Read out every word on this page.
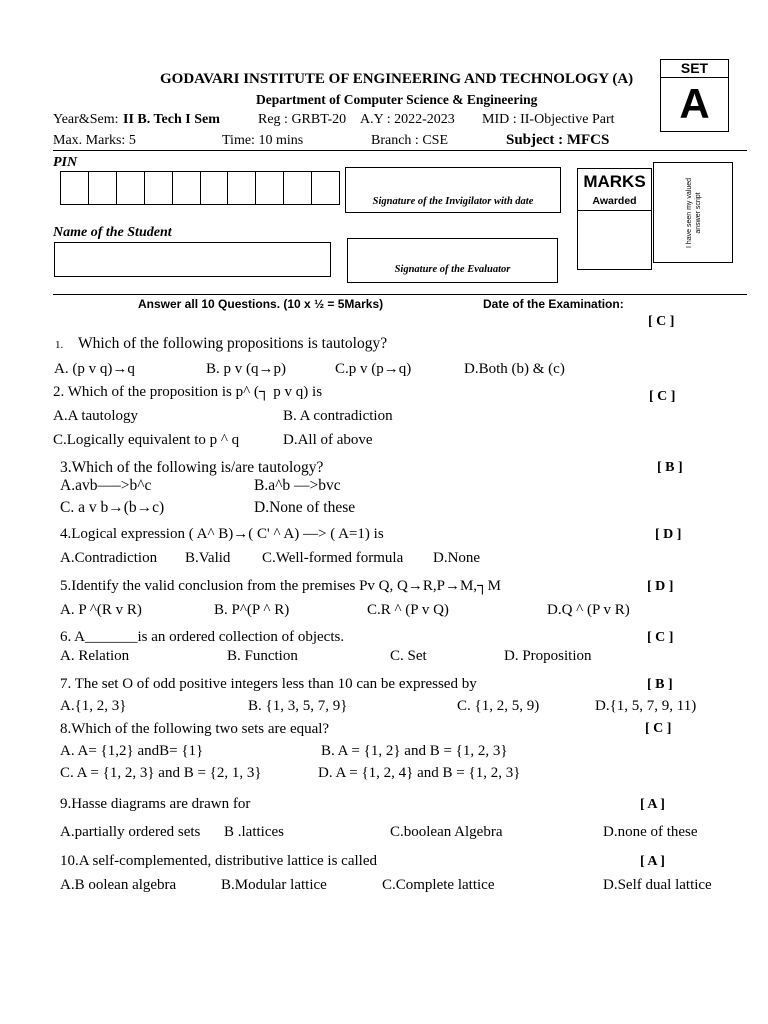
GODAVARI INSTITUTE OF ENGINEERING AND TECHNOLOGY (A)
Department of Computer Science & Engineering
Year&Sem: II B. Tech I Sem	Reg : GRBT-20 A.Y : 2022-2023 MID : II-Objective Part
Max. Marks: 5	Time: 10 mins	Branch : CSE	Subject : MFCS
SET
A
PIN
Signature of the Invigilator with date
MARKS
Awarded	I have seen my valued answer script
Name of the Student
Signature of the Evaluator
Answer all 10 Questions. (10 x ½ = 5Marks)	Date of the Examination:
1. Which of the following propositions is tautology?
[ C ]
A. (p v q)→q	B. p v (q→p)	C.p v (p→q)	D.Both (b) & (c)
2. Which of the proposition is p^ (┐ p v q) is	[ C ]
A.A tautology	B. A contradiction
C.Logically equivalent to p ^ q	D.All of above
3.Which of the following is/are tautology?	[ B ]
A.avb—–>b^c	B.a^b —>bvc
C. a v b→(b→c)	D.None of these
4.Logical expression ( A^ B)→( C' ^ A) —> ( A=1) is	[ D ]
A.Contradiction B.Valid C.Well-formed formula D.None
5.Identify the valid conclusion from the premises Pv Q, Q→R,P→M,┐M	[ D ]
A. P ^(R v R)	B. P^(P ^ R)	C.R ^ (P v Q)	D.Q ^ (P v R)
6. A_______is an ordered collection of objects.	[ C ]
A. Relation	B. Function	C. Set	D. Proposition
7. The set O of odd positive integers less than 10 can be expressed by	[ B ]
A.{1, 2, 3}	B. {1, 3, 5, 7, 9}	C. {1, 2, 5, 9)	D.{1, 5, 7, 9, 11)
8.Which of the following two sets are equal?	[ C ]
A. A= {1,2} andB= {1}	B. A = {1, 2} and B = {1, 2, 3}
C. A = {1, 2, 3} and B = {2, 1, 3}	D. A = {1, 2, 4} and B = {1, 2, 3}
9.Hasse diagrams are drawn for	[ A ]
A.partially ordered sets B .lattices	C.boolean Algebra	D.none of these
10.A self-complemented, distributive lattice is called	[ A ]
A.B oolean algebra	B.Modular lattice	C.Complete lattice	D.Self dual lattice
